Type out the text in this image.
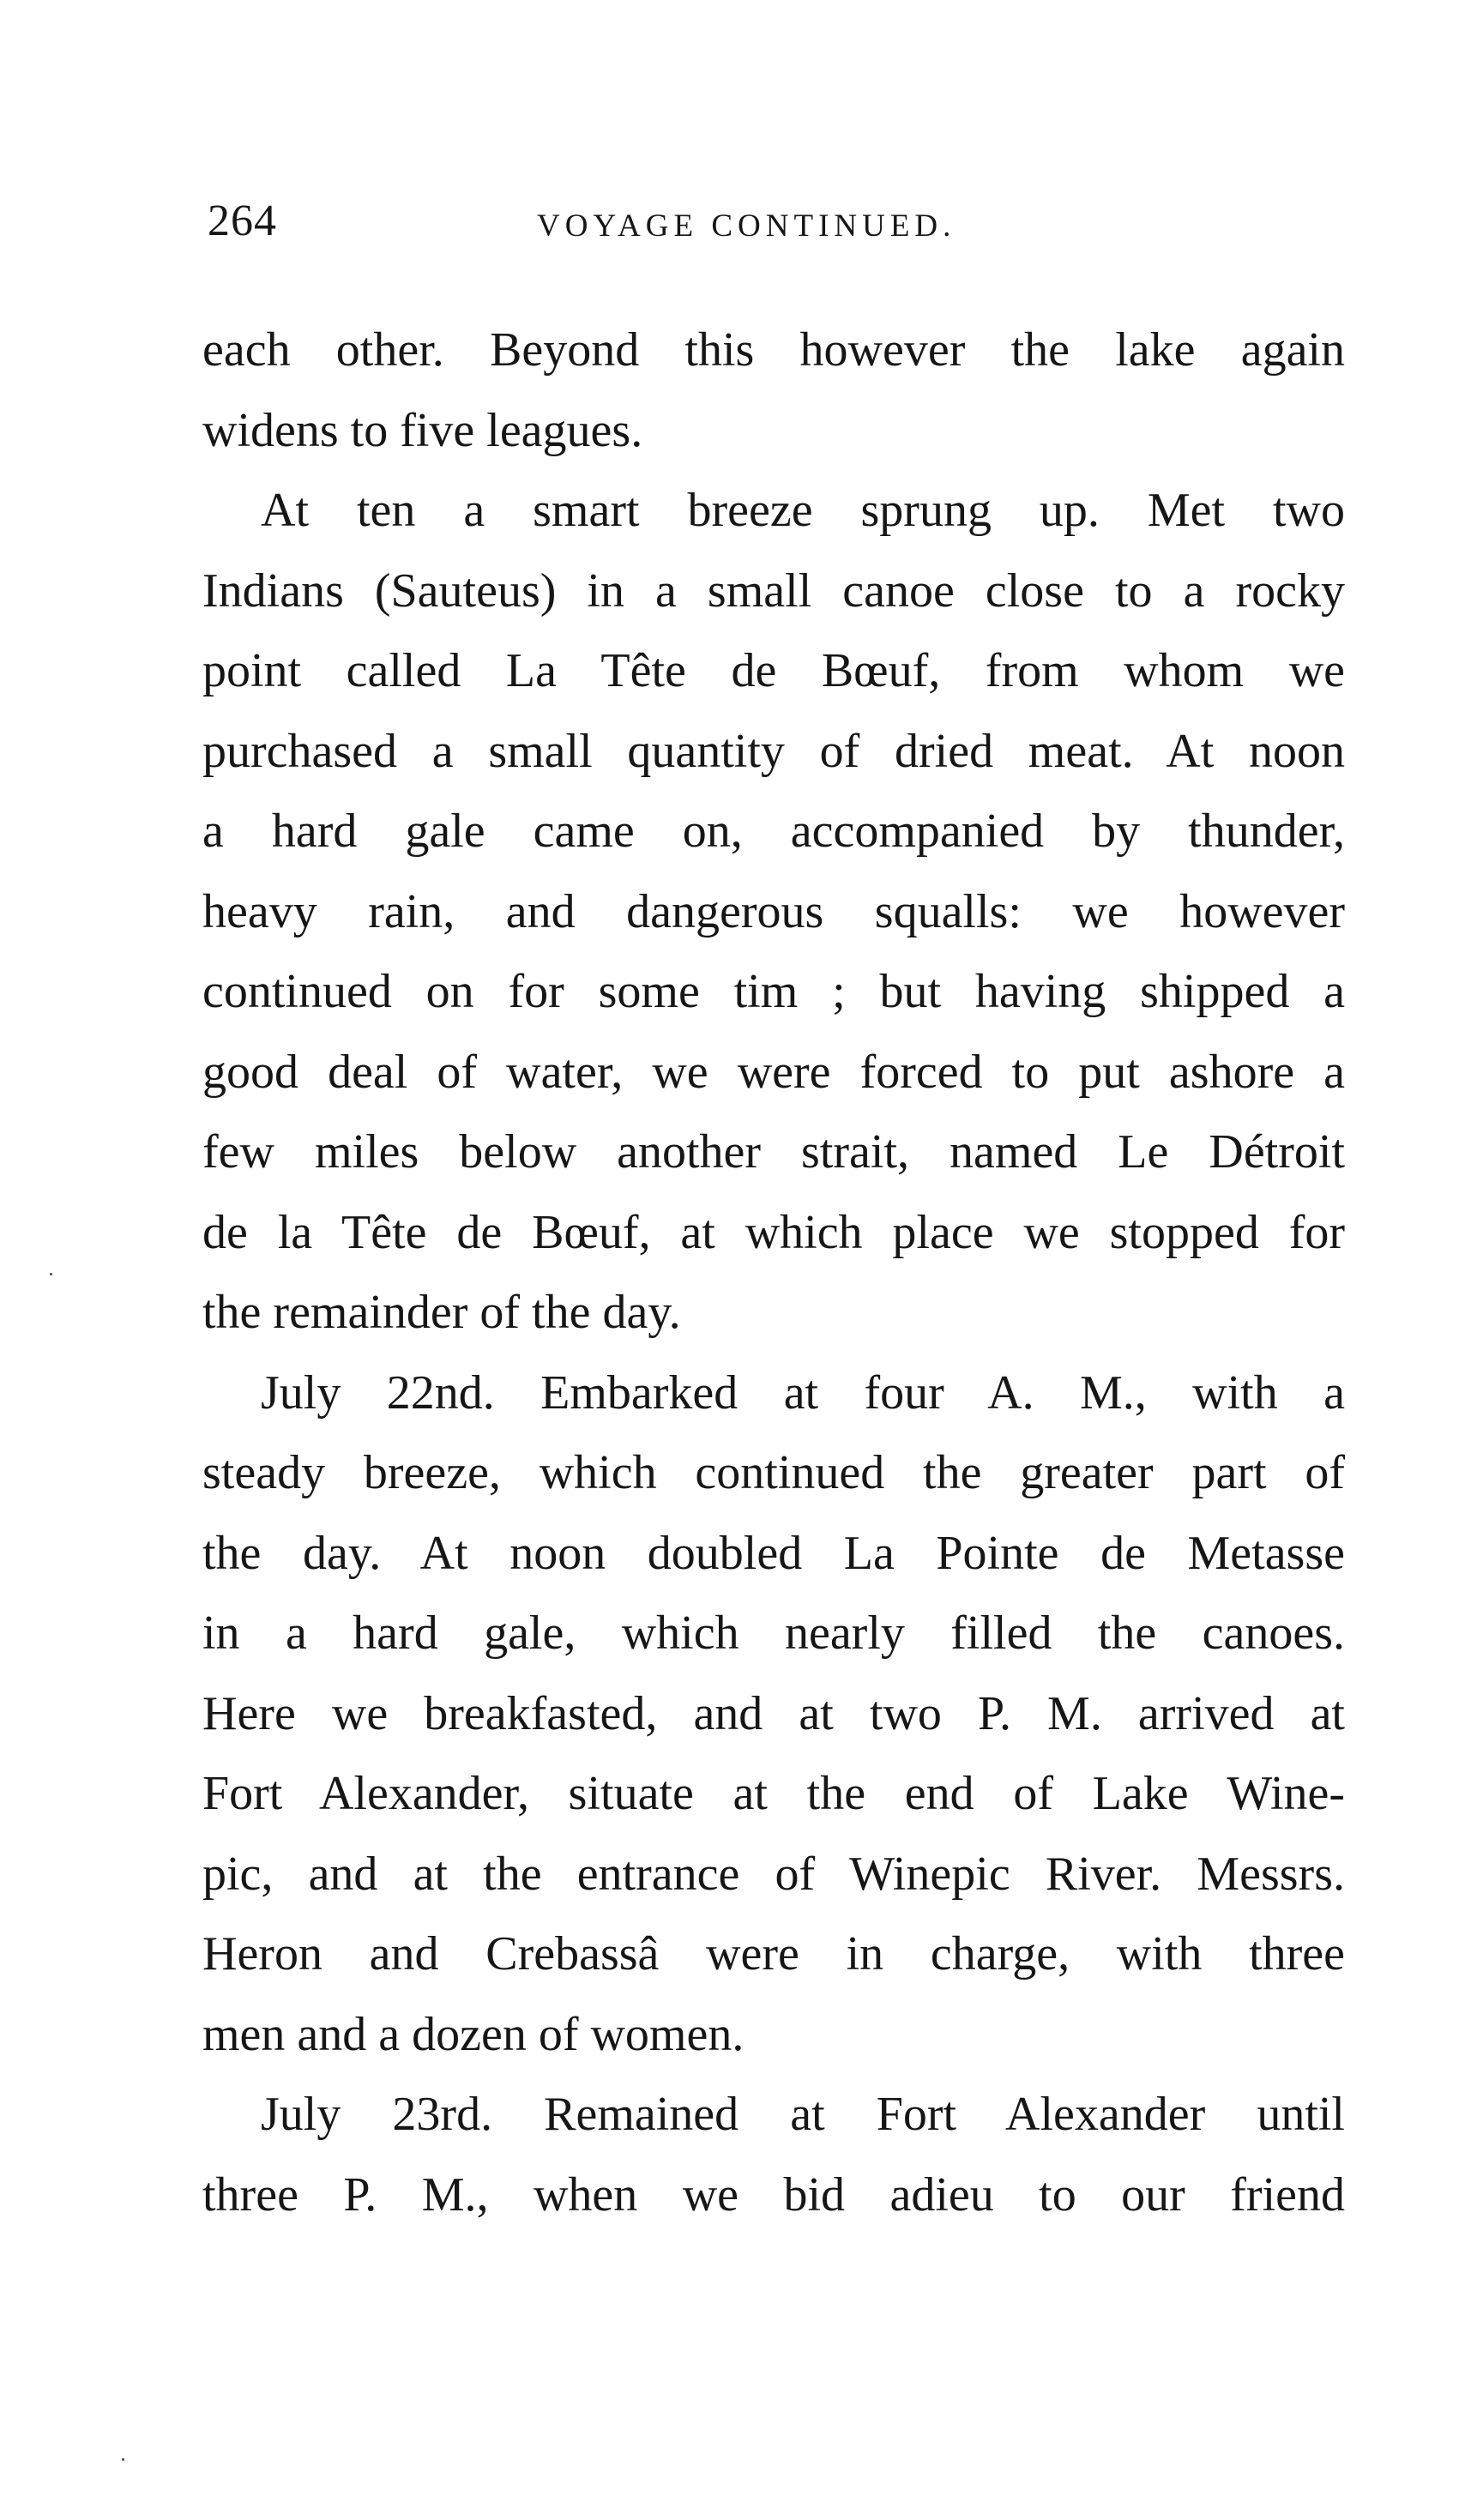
264	VOYAGE CONTINUED.
each other. Beyond this however the lake again
widens to five leagues.
At ten a smart breeze sprung up. Met two
Indians (Sauteus) in a small canoe close to a rocky
point called La Tête de Bœuf, from whom we
purchased a small quantity of dried meat. At noon
a hard gale came on, accompanied by thunder,
heavy rain, and dangerous squalls: we however
continued on for some tim ; but having shipped a
good deal of water, we were forced to put ashore a
few miles below another strait, named Le Détroit
de la Tête de Bœuf, at which place we stopped for
the remainder of the day.
July 22nd. Embarked at four A. M., with a
steady breeze, which continued the greater part of
the day. At noon doubled La Pointe de Metasse
in a hard gale, which nearly filled the canoes.
Here we breakfasted, and at two P. M. arrived at
Fort Alexander, situate at the end of Lake Wine-
pic, and at the entrance of Winepic River. Messrs.
Heron and Crebassâ were in charge, with three
men and a dozen of women.
July 23rd. Remained at Fort Alexander until
three P. M., when we bid adieu to our friend
